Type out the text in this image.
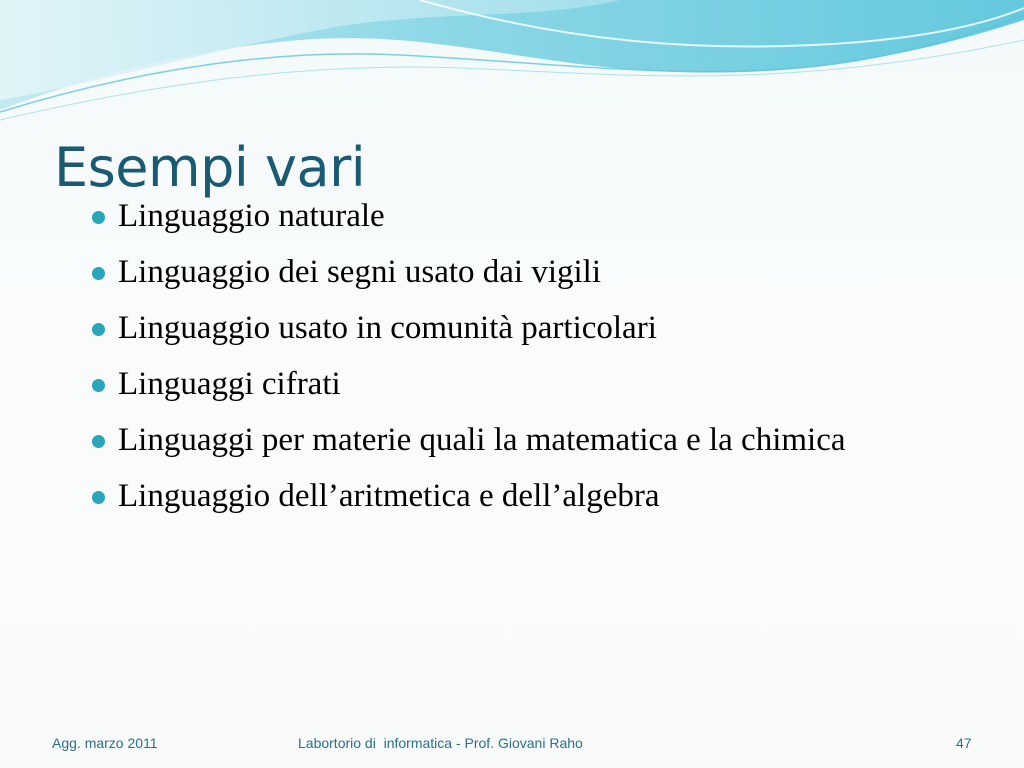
Esempi vari
Linguaggio naturale
Linguaggio dei segni usato dai vigili
Linguaggio usato in comunità particolari
Linguaggi cifrati
Linguaggi per materie quali la matematica e la chimica
Linguaggio dell’aritmetica e dell’algebra
Agg. marzo 2011	Labortorio di  informatica - Prof. Giovani Raho	47
